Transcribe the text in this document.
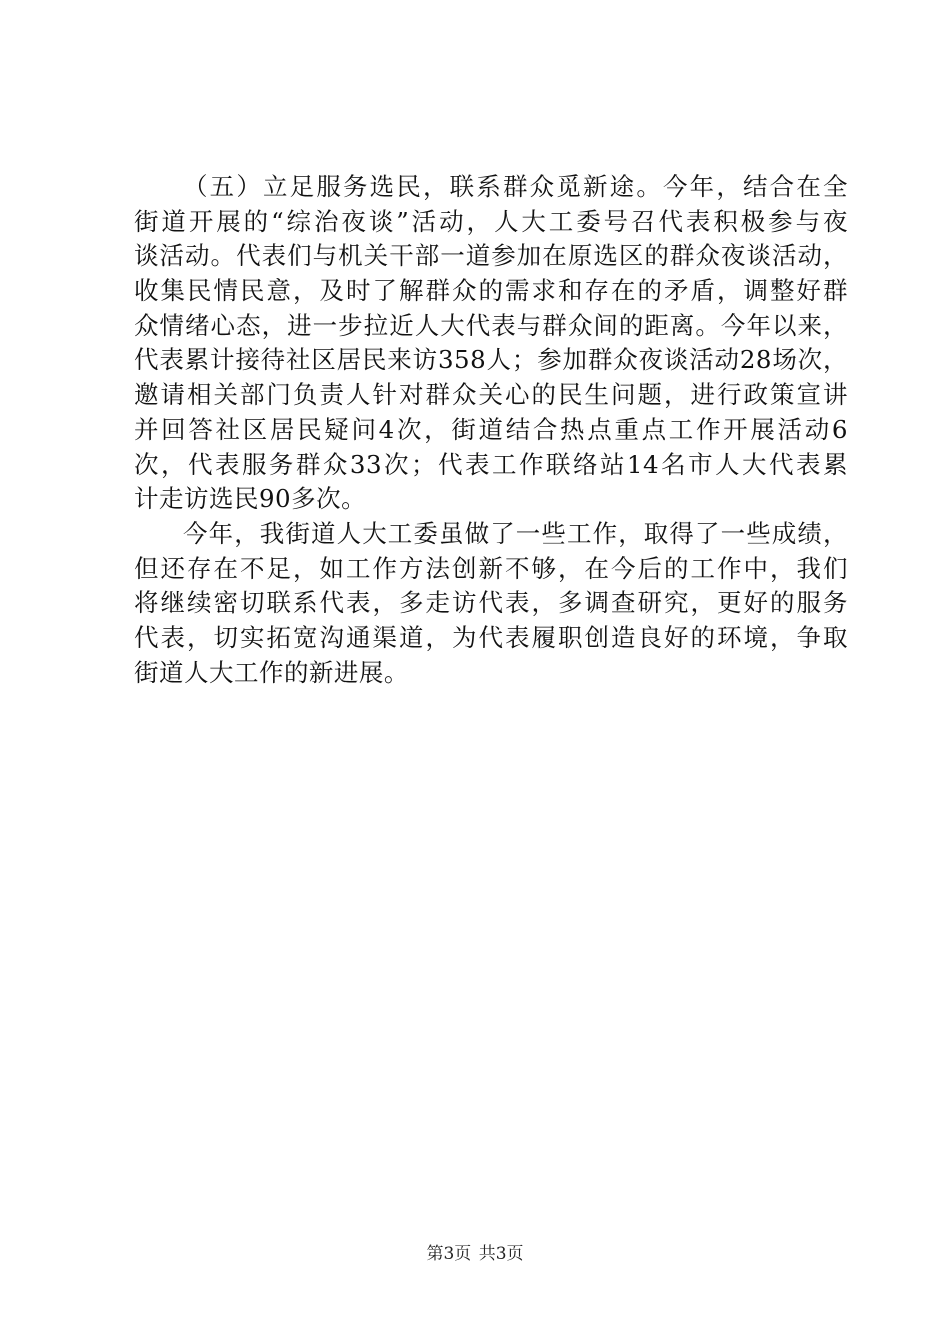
（五）立足服务选民，联系群众觅新途。今年，结合在全
街道开展的“综治夜谈”活动，人大工委号召代表积极参与夜
谈活动。代表们与机关干部一道参加在原选区的群众夜谈活动，
收集民情民意，及时了解群众的需求和存在的矛盾，调整好群
众情绪心态，进一步拉近人大代表与群众间的距离。今年以来，
代表累计接待社区居民来访358人；参加群众夜谈活动28场次，
邀请相关部门负责人针对群众关心的民生问题，进行政策宣讲
并回答社区居民疑问4次，街道结合热点重点工作开展活动6
次，代表服务群众33次；代表工作联络站14名市人大代表累
计走访选民90多次。
今年，我街道人大工委虽做了一些工作，取得了一些成绩，
但还存在不足，如工作方法创新不够，在今后的工作中，我们
将继续密切联系代表，多走访代表，多调查研究，更好的服务
代表，切实拓宽沟通渠道，为代表履职创造良好的环境，争取
街道人大工作的新进展。
第3页 共3页
